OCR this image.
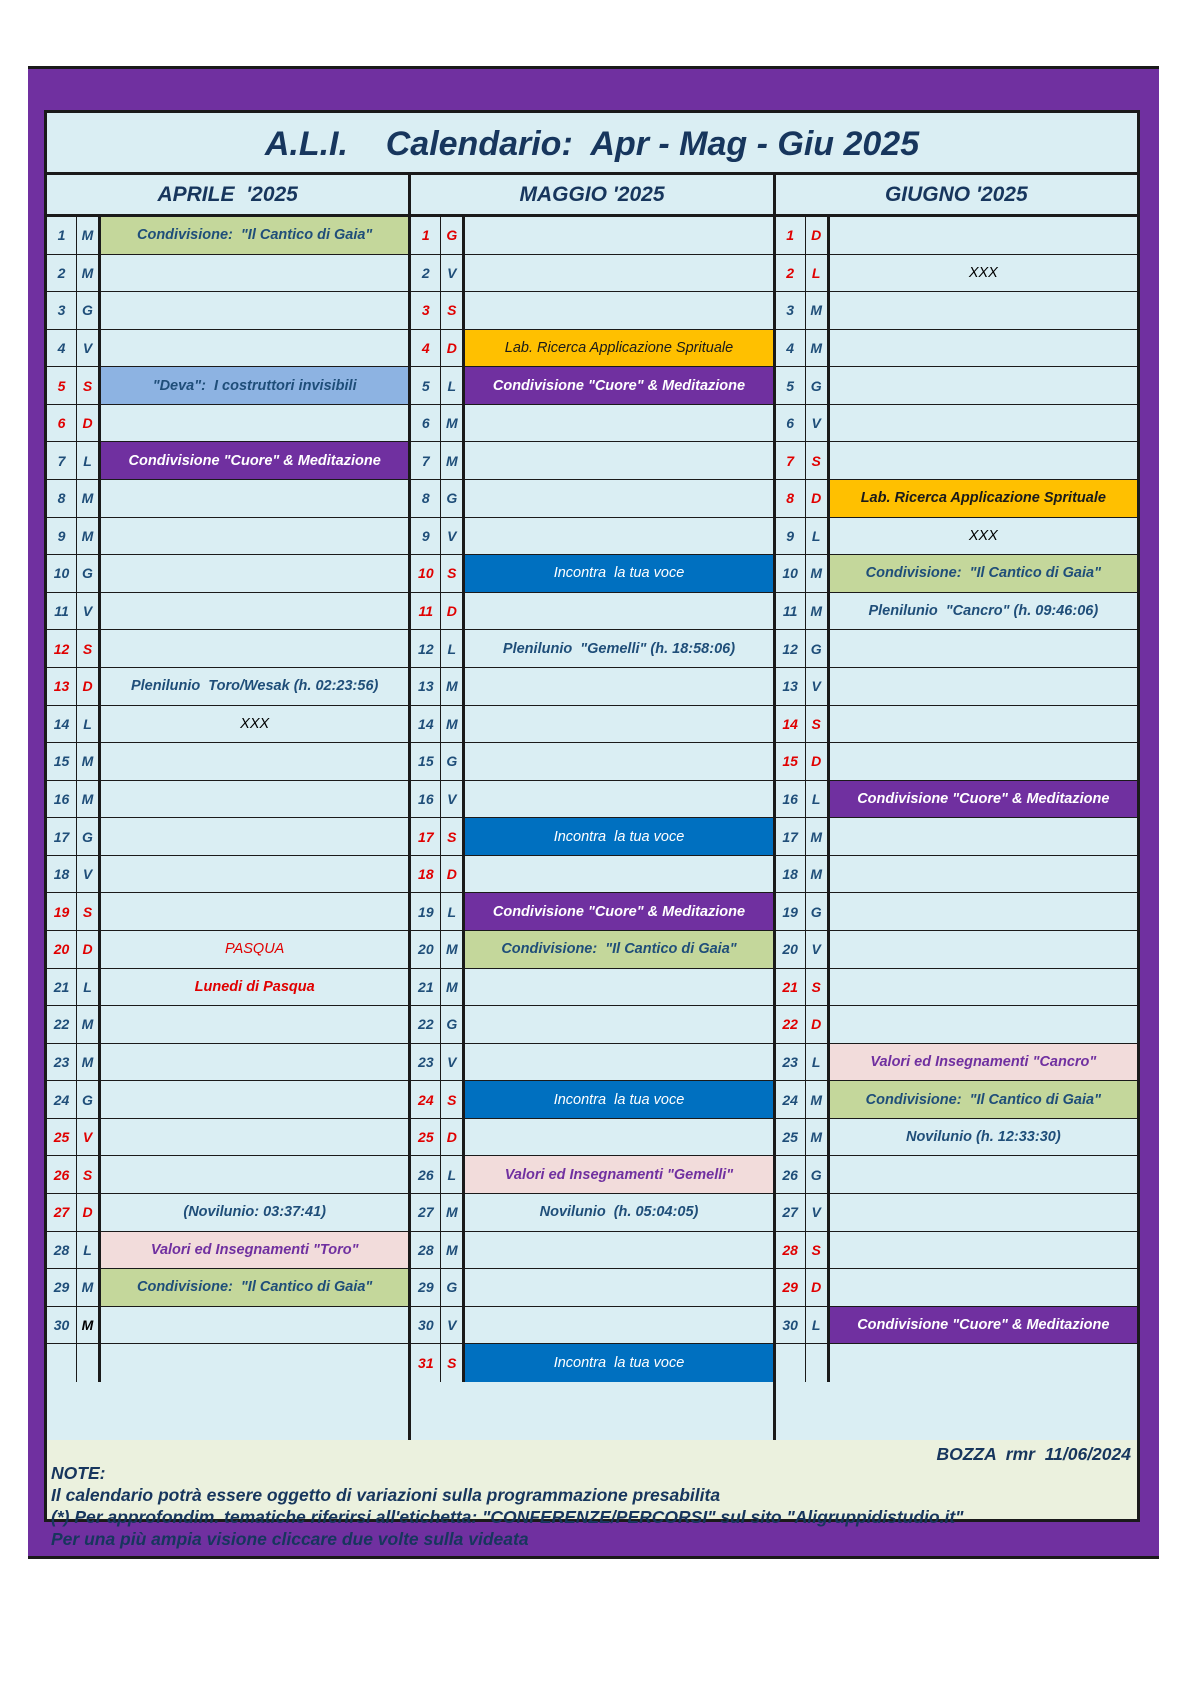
A.L.I.    Calendario:  Apr - Mag - Giu 2025
APRILE  '2025	MAGGIO '2025	GIUGNO '2025
1	M	Condivisione:  "Il Cantico di Gaia"
2	M
3	G
4	V
5	S	"Deva":  I costruttori invisibili
6	D
7	L	Condivisione "Cuore" & Meditazione
8	M
9	M
10 G
11	V
12 S
13 D	Plenilunio  Toro/Wesak (h. 02:23:56)
14 L	XXX
15 M
16 M
17 G
18 V
19 S
20 D	PASQUA
21 L	Lunedi di Pasqua
22 M
23 M
24 G
25 V
26 S
27 D	(Novilunio: 03:37:41)
28 L	Valori ed Insegnamenti "Toro"
29 M	Condivisione:  "Il Cantico di Gaia"
30 M
1	G
2	V
3	S
4	D	Lab. Ricerca Applicazione Sprituale
5	L	Condivisione "Cuore" & Meditazione
6	M
7	M
8	G
9	V
10 S	Incontra  la tua voce
11 D
12 L	Plenilunio  "Gemelli" (h. 18:58:06)
13 M
14 M
15 G
16 V
17 S	Incontra  la tua voce
18 D
19 L	Condivisione "Cuore" & Meditazione
20 M	Condivisione:  "Il Cantico di Gaia"
21 M
22 G
23 V
24 S	Incontra  la tua voce
25 D
26 L	Valori ed Insegnamenti "Gemelli"
27 M	Novilunio  (h. 05:04:05)
28 M
29 G
30 V
31 S	Incontra  la tua voce
1	D
2	L	XXX
3	M
4	M
5	G
6	V
7	S
8	D	Lab. Ricerca Applicazione Sprituale
9	L	XXX
10 M	Condivisione:  "Il Cantico di Gaia"
11 M	Plenilunio  "Cancro" (h. 09:46:06)
12 G
13 V
14 S
15 D
16 L	Condivisione "Cuore" & Meditazione
17 M
18 M
19 G
20 V
21 S
22 D
23 L	Valori ed Insegnamenti "Cancro"
24 M	Condivisione:  "Il Cantico di Gaia"
25 M	Novilunio (h. 12:33:30)
26 G
27 V
28 S
29 D
30 L	Condivisione "Cuore" & Meditazione
BOZZA  rmr  11/06/2024
NOTE:
Il calendario potrà essere oggetto di variazioni sulla programmazione presabilita
(*) Per approfondim. tematiche riferirsi all'etichetta: "CONFERENZE/PERCORSI" sul sito "Aligruppidistudio.it"
Per una più ampia visione cliccare due volte sulla videata
